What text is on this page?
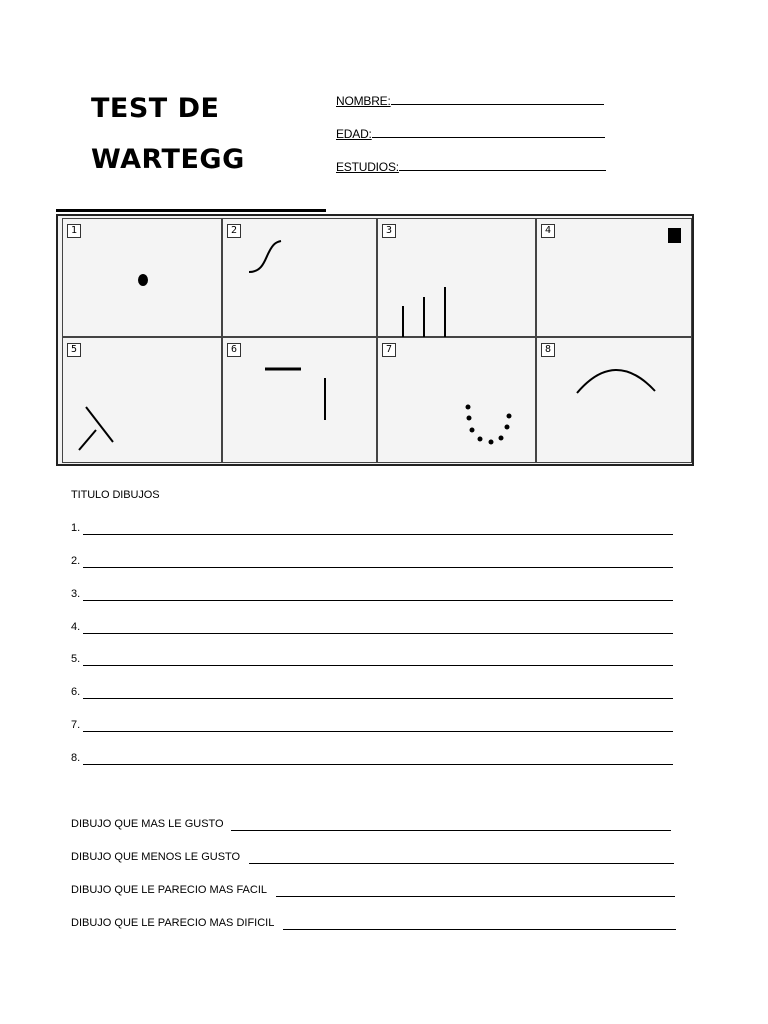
TEST DE
WARTEGG
NOMBRE:
EDAD:
ESTUDIOS:
1	2	3	4
5	6	7	8
TITULO DIBUJOS
1.
2.
3.
4.
5.
6.
7.
8.
DIBUJO QUE MAS LE GUSTO
DIBUJO QUE MENOS LE GUSTO
DIBUJO QUE LE PARECIO MAS FACIL
DIBUJO QUE LE PARECIO MAS DIFICIL
